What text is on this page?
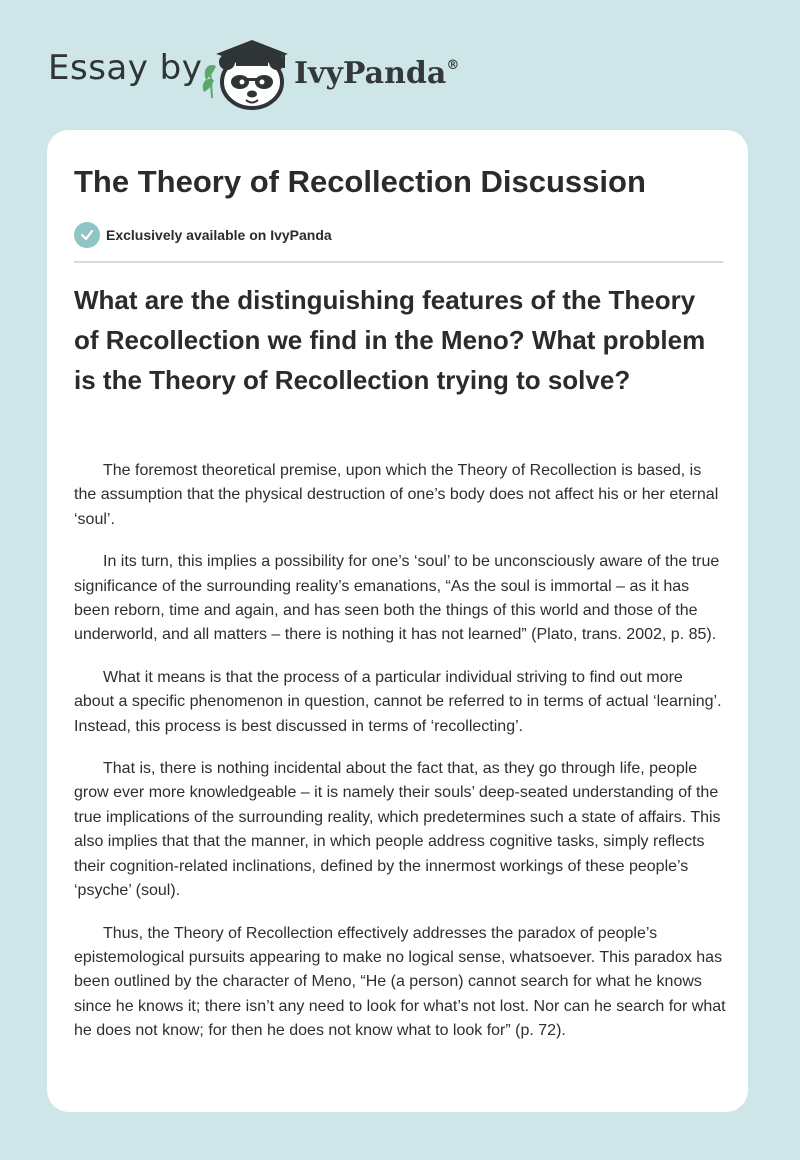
Essay by	IvyPanda®
The Theory of Recollection Discussion
Exclusively available on IvyPanda
What are the distinguishing features of the Theory of Recollection we find in the Meno? What problem is the Theory of Recollection trying to solve?

The foremost theoretical premise, upon which the Theory of Recollection is based, is the assumption that the physical destruction of one’s body does not affect his or her eternal ‘soul’.

In its turn, this implies a possibility for one’s ‘soul’ to be unconsciously aware of the true significance of the surrounding reality’s emanations, “As the soul is immortal – as it has been reborn, time and again, and has seen both the things of this world and those of the underworld, and all matters – there is nothing it has not learned” (Plato, trans. 2002, p. 85).

What it means is that the process of a particular individual striving to find out more about a specific phenomenon in question, cannot be referred to in terms of actual ‘learning’. Instead, this process is best discussed in terms of ‘recollecting’.

That is, there is nothing incidental about the fact that, as they go through life, people grow ever more knowledgeable – it is namely their souls’ deep-seated understanding of the true implications of the surrounding reality, which predetermines such a state of affairs. This also implies that that the manner, in which people address cognitive tasks, simply reflects their cognition-related inclinations, defined by the innermost workings of these people’s ‘psyche’ (soul).

Thus, the Theory of Recollection effectively addresses the paradox of people’s epistemological pursuits appearing to make no logical sense, whatsoever. This paradox has been outlined by the character of Meno, “He (a person) cannot search for what he knows since he knows it; there isn’t any need to look for what’s not lost. Nor can he search for what he does not know; for then he does not know what to look for” (p. 72).
